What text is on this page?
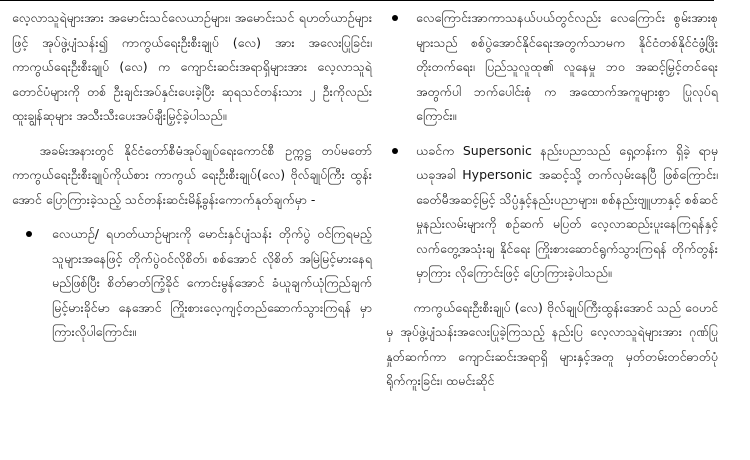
လေ့လာသူရဲများအား အမောင်းသင်လေယာဉ်များ၊ အမောင်းသင် ရဟတ်ယာဉ်များဖြင့် အုပ်ဖွဲ့ပျံသန်း၍ ကာကွယ်ရေးဦးစီးချုပ် (လေ) အား အလေးပြုခြင်း၊ ကာကွယ်ရေးဦးစီးချုပ် (လေ) က ကျောင်းဆင်းအရာရှိများအား လေ့လာသူရဲတောင်ပံများကို တစ် ဦးချင်းအပ်နှင်းပေးခဲ့ပြီး ဆုရသင်တန်းသား ၂ ဦးကိုလည်း ထူးချွန်ဆုများ အသီးသီးပေးအပ်ချီးမြှင့်ခဲ့ပါသည်။

အခမ်းအနားတွင် နိုင်ငံတော်စီမံအုပ်ချုပ်ရေးကောင်စီ ဥက္ကဋ္ဌ တပ်မတော်ကာကွယ်ရေးဦးစီးချုပ်ကိုယ်စား ကာကွယ် ရေးဦးစီးချုပ်(လေ) ဗိုလ်ချုပ်ကြီး ထွန်းအောင် ပြောကြားခဲ့သည့် သင်တန်းဆင်းမိန့်ခွန်းကောက်နုတ်ချက်မှာ -

လေယာဉ်/ ရဟတ်ယာဉ်များကို မောင်းနှင်ပျံသန်း တိုက်ပွဲ ဝင်ကြရမည့်သူများအနေဖြင့် တိုက်ပွဲဝင်လိုစိတ်၊ စစ်အောင် လိုစိတ် အမြဲမြင့်မားနေရမည်ဖြစ်ပြီး စိတ်ဓာတ်ကြံ့ခိုင် ကောင်းမွန်အောင် ခံယူချက်ယုံကြည်ချက် မြင့်မားခိုင်မာ နေအောင် ကြိုးစားလေ့ကျင့်တည်ဆောက်သွားကြရန် မှာ ကြားလိုပါကြောင်း။
လေကြောင်းအာကာသနယ်ပယ်တွင်လည်း လေကြောင်း စွမ်းအားစုများသည် စစ်ပွဲအောင်နိုင်ရေးအတွက်သာမက နိုင်ငံတစ်နိုင်ငံဖွံ့ဖြိုးတိုးတက်ရေး၊ ပြည်သူလူထု၏ လူနေမှု ဘဝ အဆင့်မြှင့်တင်ရေးအတွက်ပါ ဘက်ပေါင်းစုံ က အထောက်အကူများစွာ ပြုလုပ်ရကြောင်း။
ယခင်က Supersonic နည်းပညာသည် ရှေ့တန်းက ရှိခဲ့ ရာမှ ယခုအခါ Hypersonic အဆင့်သို့ တက်လှမ်းနေပြီ ဖြစ်ကြောင်း၊ ခေတ်မီအဆင့်မြင့် သိပ္ပံနှင့်နည်းပညာများ၊ စစ်နည်းဗျူဟာနှင့် စစ်ဆင်မှုနည်းလမ်းများကို စဉ်ဆက် မပြတ် လေ့လာဆည်းပူးနေကြရန်နှင့် လက်တွေ့အသုံးချ နိုင်ရေး ကြိုးစားဆောင်ရွက်သွားကြရန် တိုက်တွန်းမှာကြား လိုကြောင်းဖြင့် ပြောကြားခဲ့ပါသည်။

ကာကွယ်ရေးဦးစီးချုပ် (လေ) ဗိုလ်ချုပ်ကြီးထွန်းအောင် သည် ဝေဟင်မှ အုပ်ဖွဲ့ပျံသန်းအလေးပြုခဲ့ကြသည့် နည်းပြ လေ့လာသူရဲများအား ဂုဏ်ပြုနှုတ်ဆက်ကာ ကျောင်းဆင်းအရာရှိ များနှင့်အတူ မှတ်တမ်းတင်ဓာတ်ပုံရိုက်ကူးခြင်း၊ ထမင်းဆိုင်
